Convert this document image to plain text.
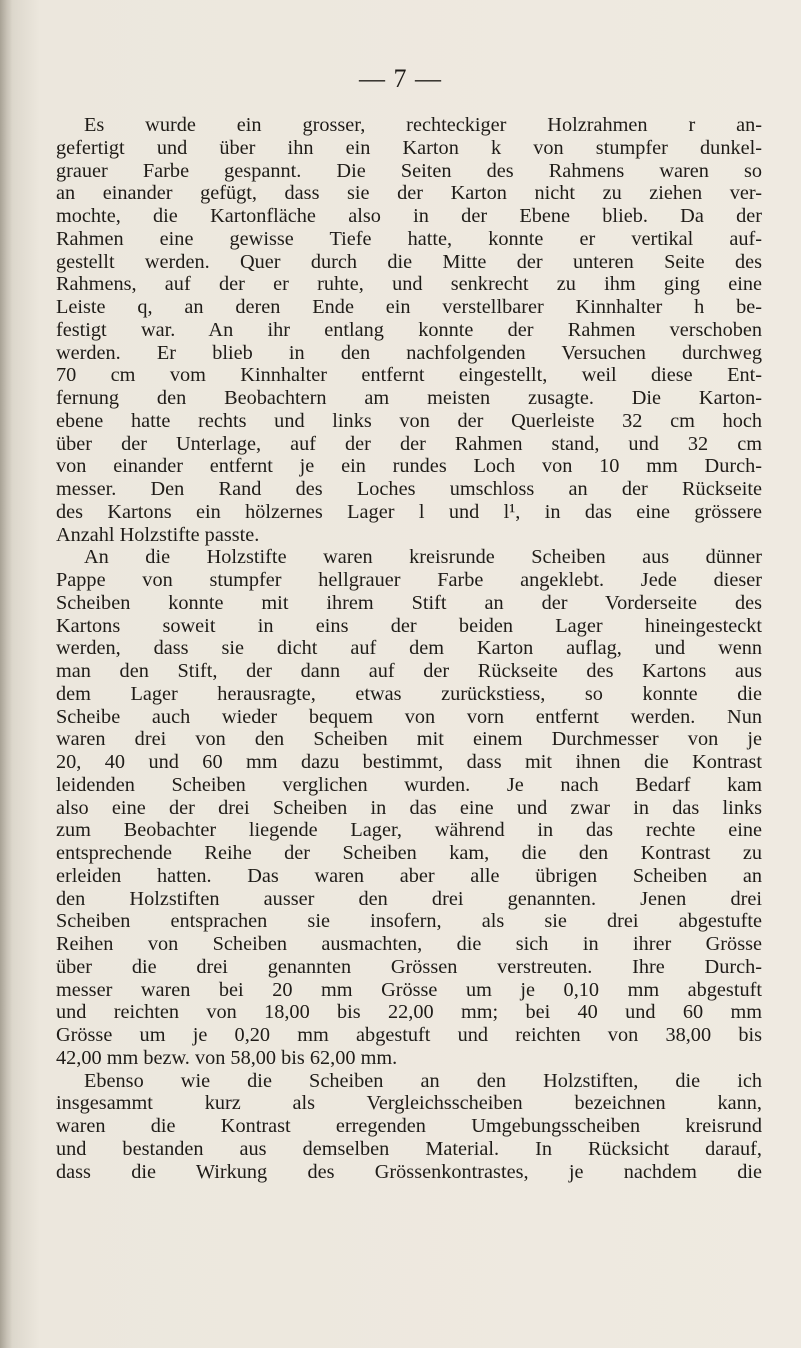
— 7 —

Es wurde ein grosser, rechteckiger Holzrahmen r an-
gefertigt und über ihn ein Karton k von stumpfer dunkel-
grauer Farbe gespannt. Die Seiten des Rahmens waren so
an einander gefügt, dass sie der Karton nicht zu ziehen ver-
mochte, die Kartonfläche also in der Ebene blieb. Da der
Rahmen eine gewisse Tiefe hatte, konnte er vertikal auf-
gestellt werden. Quer durch die Mitte der unteren Seite des
Rahmens, auf der er ruhte, und senkrecht zu ihm ging eine
Leiste q, an deren Ende ein verstellbarer Kinnhalter h be-
festigt war. An ihr entlang konnte der Rahmen verschoben
werden. Er blieb in den nachfolgenden Versuchen durchweg
70 cm vom Kinnhalter entfernt eingestellt, weil diese Ent-
fernung den Beobachtern am meisten zusagte. Die Karton-
ebene hatte rechts und links von der Querleiste 32 cm hoch
über der Unterlage, auf der der Rahmen stand, und 32 cm
von einander entfernt je ein rundes Loch von 10 mm Durch-
messer. Den Rand des Loches umschloss an der Rückseite
des Kartons ein hölzernes Lager l und l¹, in das eine grössere
Anzahl Holzstifte passte.

An die Holzstifte waren kreisrunde Scheiben aus dünner
Pappe von stumpfer hellgrauer Farbe angeklebt. Jede dieser
Scheiben konnte mit ihrem Stift an der Vorderseite des
Kartons soweit in eins der beiden Lager hineingesteckt
werden, dass sie dicht auf dem Karton auflag, und wenn
man den Stift, der dann auf der Rückseite des Kartons aus
dem Lager herausragte, etwas zurückstiess, so konnte die
Scheibe auch wieder bequem von vorn entfernt werden. Nun
waren drei von den Scheiben mit einem Durchmesser von je
20, 40 und 60 mm dazu bestimmt, dass mit ihnen die Kontrast
leidenden Scheiben verglichen wurden. Je nach Bedarf kam
also eine der drei Scheiben in das eine und zwar in das links
zum Beobachter liegende Lager, während in das rechte eine
entsprechende Reihe der Scheiben kam, die den Kontrast zu
erleiden hatten. Das waren aber alle übrigen Scheiben an
den Holzstiften ausser den drei genannten. Jenen drei
Scheiben entsprachen sie insofern, als sie drei abgestufte
Reihen von Scheiben ausmachten, die sich in ihrer Grösse
über die drei genannten Grössen verstreuten. Ihre Durch-
messer waren bei 20 mm Grösse um je 0,10 mm abgestuft
und reichten von 18,00 bis 22,00 mm; bei 40 und 60 mm
Grösse um je 0,20 mm abgestuft und reichten von 38,00 bis
42,00 mm bezw. von 58,00 bis 62,00 mm.

Ebenso wie die Scheiben an den Holzstiften, die ich
insgesammt kurz als Vergleichsscheiben bezeichnen kann,
waren die Kontrast erregenden Umgebungsscheiben kreisrund
und bestanden aus demselben Material. In Rücksicht darauf,
dass die Wirkung des Grössenkontrastes, je nachdem die
